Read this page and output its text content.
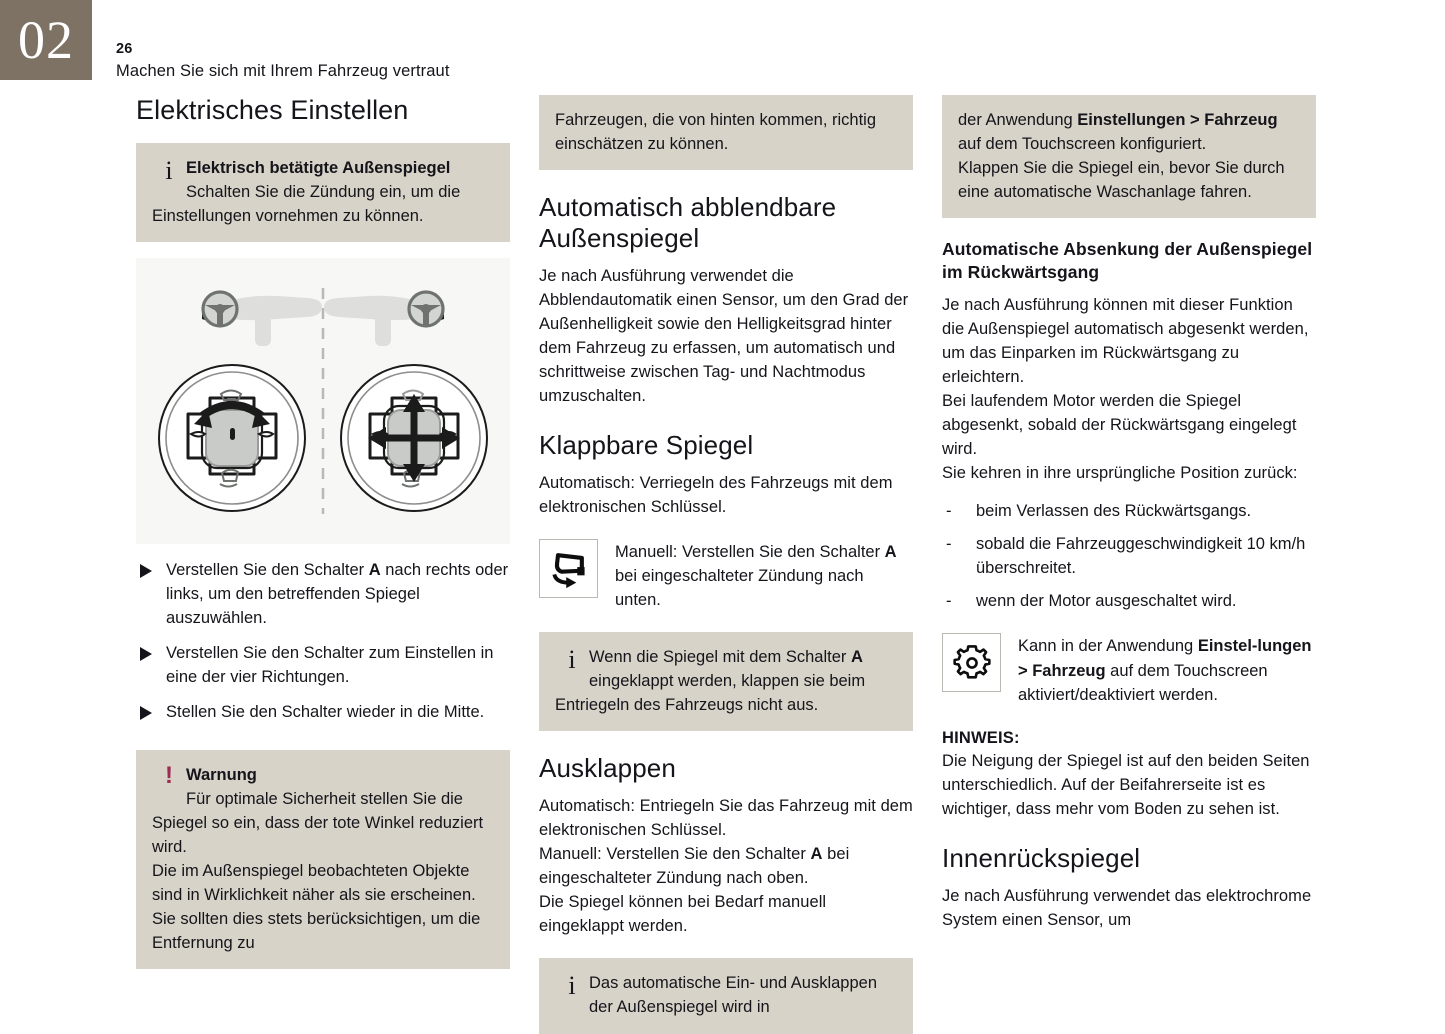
02	26
Machen Sie sich mit Ihrem Fahrzeug vertraut
Elektrisches Einstellen
i Elektrisch betätigte Außenspiegel
Schalten Sie die Zündung ein, um die Einstellungen vornehmen zu können.
Verstellen Sie den Schalter A nach rechts oder links, um den betreffenden Spiegel auszuwählen.
Verstellen Sie den Schalter zum Einstellen in eine der vier Richtungen.
Stellen Sie den Schalter wieder in die Mitte.
! Warnung
Für optimale Sicherheit stellen Sie die Spiegel so ein, dass der tote Winkel reduziert wird.
Die im Außenspiegel beobachteten Objekte sind in Wirklichkeit näher als sie erscheinen. Sie sollten dies stets berücksichtigen, um die Entfernung zu
Fahrzeugen, die von hinten kommen, richtig einschätzen zu können.
Automatisch abblendbare Außenspiegel

Je nach Ausführung verwendet die Abblendautomatik einen Sensor, um den Grad der Außenhelligkeit sowie den Helligkeitsgrad hinter dem Fahrzeug zu erfassen, um automatisch und schrittweise zwischen Tag- und Nachtmodus umzuschalten.

Klappbare Spiegel

Automatisch: Verriegeln des Fahrzeugs mit dem elektronischen Schlüssel.

Manuell: Verstellen Sie den Schalter A bei eingeschalteter Zündung nach unten.
i Wenn die Spiegel mit dem Schalter A eingeklappt werden, klappen sie beim Entriegeln des Fahrzeugs nicht aus.
Ausklappen

Automatisch: Entriegeln Sie das Fahrzeug mit dem elektronischen Schlüssel.

Manuell: Verstellen Sie den Schalter A bei eingeschalteter Zündung nach oben.

Die Spiegel können bei Bedarf manuell eingeklappt werden.

i Das automatische Ein- und Ausklappen der Außenspiegel wird in
der Anwendung Einstellungen > Fahrzeug auf dem Touchscreen konfiguriert.
Klappen Sie die Spiegel ein, bevor Sie durch eine automatische Waschanlage fahren.
Automatische Absenkung der Außenspiegel im Rückwärtsgang

Je nach Ausführung können mit dieser Funktion die Außenspiegel automatisch abgesenkt werden, um das Einparken im Rückwärtsgang zu erleichtern.
Bei laufendem Motor werden die Spiegel abgesenkt, sobald der Rückwärtsgang eingelegt wird.
Sie kehren in ihre ursprüngliche Position zurück:

- beim Verlassen des Rückwärtsgangs.
- sobald die Fahrzeuggeschwindigkeit 10 km/h überschreitet.
- wenn der Motor ausgeschaltet wird.
Kann in der Anwendung Einstel-lungen > Fahrzeug auf dem Touchscreen aktiviert/deaktiviert werden.
HINWEIS:

Die Neigung der Spiegel ist auf den beiden Seiten unterschiedlich. Auf der Beifahrerseite ist es wichtiger, dass mehr vom Boden zu sehen ist.

Innenrückspiegel

Je nach Ausführung verwendet das elektrochrome System einen Sensor, um
